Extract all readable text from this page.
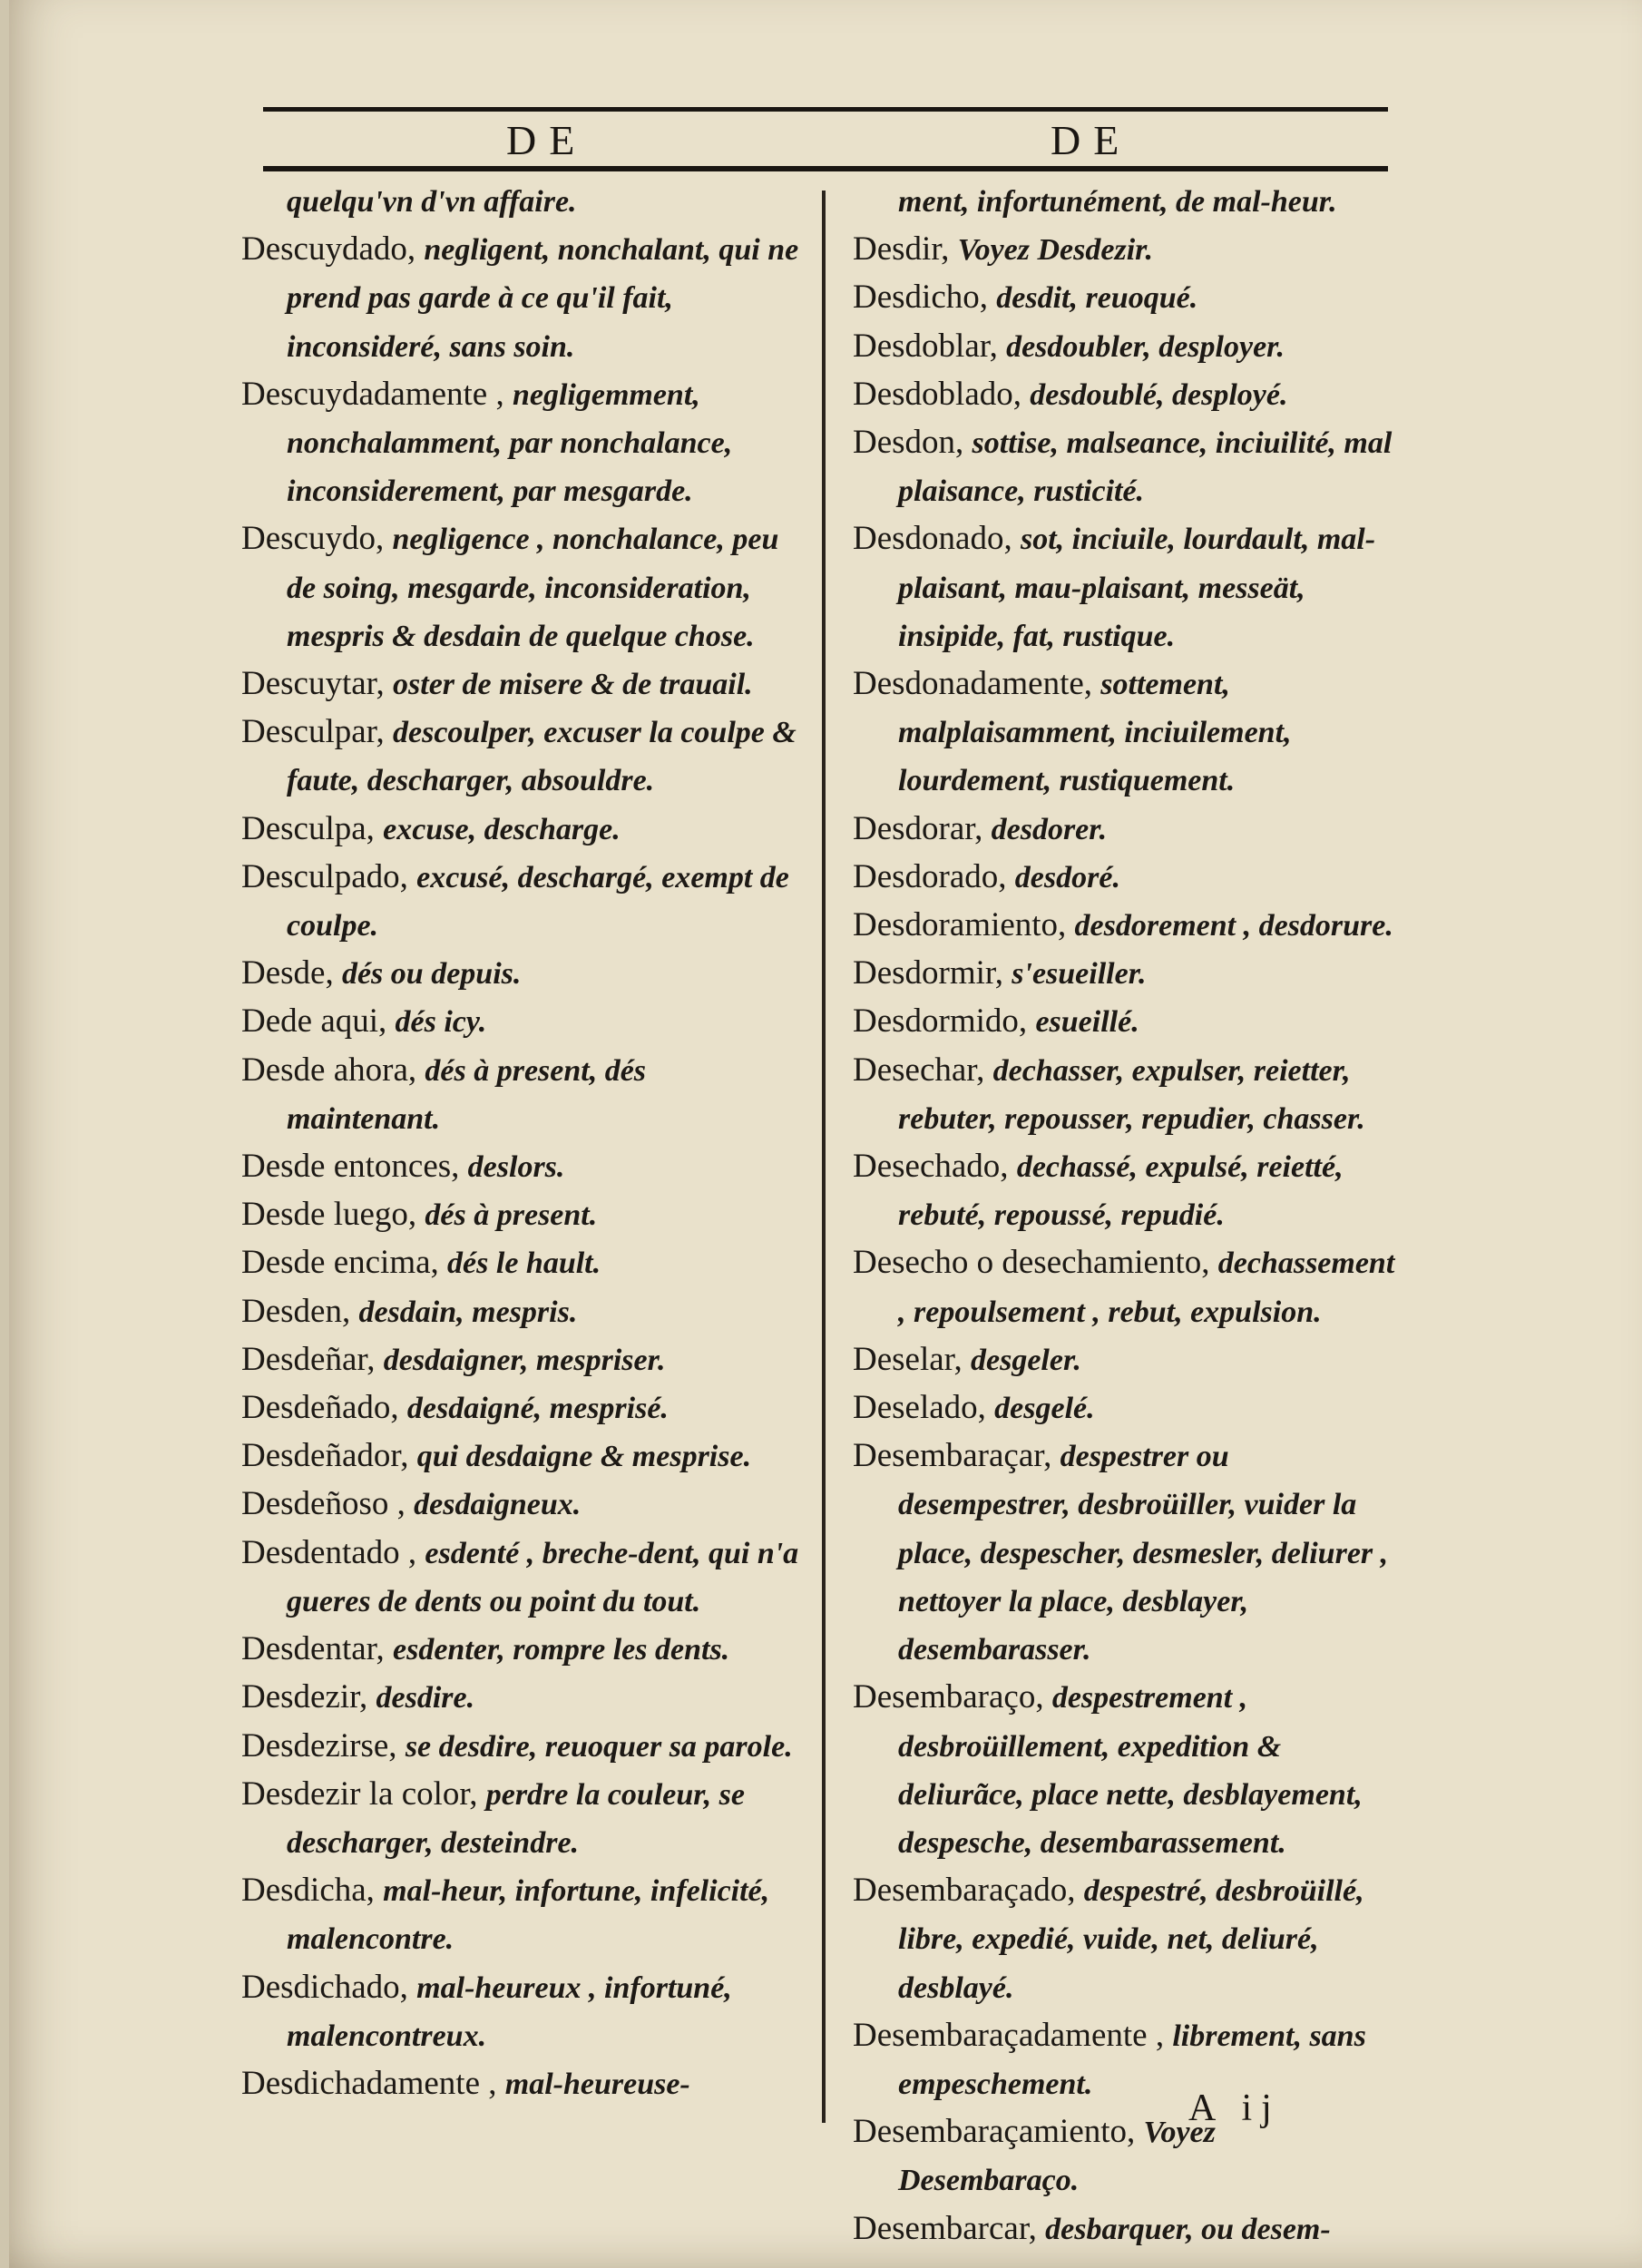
DE	DE

quelqu'vn d'vn affaire.

Descuydado, negligent, nonchalant, qui ne prend pas garde à ce qu'il fait, inconsideré, sans soin.

Descuydadamente , negligemment, nonchalamment, par nonchalance, inconsiderement, par mesgarde.

Descuydo, negligence , nonchalance, peu de soing, mesgarde, inconsideration, mespris & desdain de quelque chose.

Descuytar, oster de misere & de trauail.

Desculpar, descoulper, excuser la coulpe & faute, descharger, absouldre.

Desculpa, excuse, descharge.

Desculpado, excusé, deschargé, exempt de coulpe.

Desde, dés ou depuis.

Dede aqui, dés icy.

Desde ahora, dés à present, dés maintenant.

Desde entonces, deslors.

Desde luego, dés à present.

Desde encima, dés le hault.

Desden, desdain, mespris.

Desdeñar, desdaigner, mespriser.

Desdeñado, desdaigné, mesprisé.

Desdeñador, qui desdaigne & mesprise.

Desdeñoso , desdaigneux.

Desdentado , esdenté , breche-dent, qui n'a gueres de dents ou point du tout.

Desdentar, esdenter, rompre les dents.

Desdezir, desdire.

Desdezirse, se desdire, reuoquer sa parole.

Desdezir la color, perdre la couleur, se descharger, desteindre.

Desdicha, mal-heur, infortune, infelicité, malencontre.

Desdichado, mal-heureux , infortuné, malencontreux.

Desdichadamente , mal-heureuse-

ment, infortunément, de mal-heur.

Desdir, Voyez Desdezir.

Desdicho, desdit, reuoqué.

Desdoblar, desdoubler, desployer.

Desdoblado, desdoublé, desployé.

Desdon, sottise, malseance, inciuilité, mal plaisance, rusticité.

Desdonado, sot, inciuile, lourdault, mal-plaisant, mau-plaisant, messeät, insipide, fat, rustique.

Desdonadamente, sottement, malplaisamment, inciuilement, lourdement, rustiquement.

Desdorar, desdorer.

Desdorado, desdoré.

Desdoramiento, desdorement , desdorure.

Desdormir, s'esueiller.

Desdormido, esueillé.

Desechar, dechasser, expulser, reietter, rebuter, repousser, repudier, chasser.

Desechado, dechassé, expulsé, reietté, rebuté, repoussé, repudié.

Desecho o desechamiento, dechassement , repoulsement , rebut, expulsion.

Deselar, desgeler.

Deselado, desgelé.

Desembaraçar, despestrer ou desempestrer, desbroüiller, vuider la place, despescher, desmesler, deliurer , nettoyer la place, desblayer, desembarasser.

Desembaraço, despestrement , desbroüillement, expedition & deliurãce, place nette, desblayement, despesche, desembarassement.

Desembaraçado, despestré, desbroüillé, libre, expedié, vuide, net, deliuré, desblayé.

Desembaraçadamente , librement, sans empeschement.

Desembaraçamiento, Voyez Desembaraço.

Desembarcar, desbarquer, ou desem-

A ij
